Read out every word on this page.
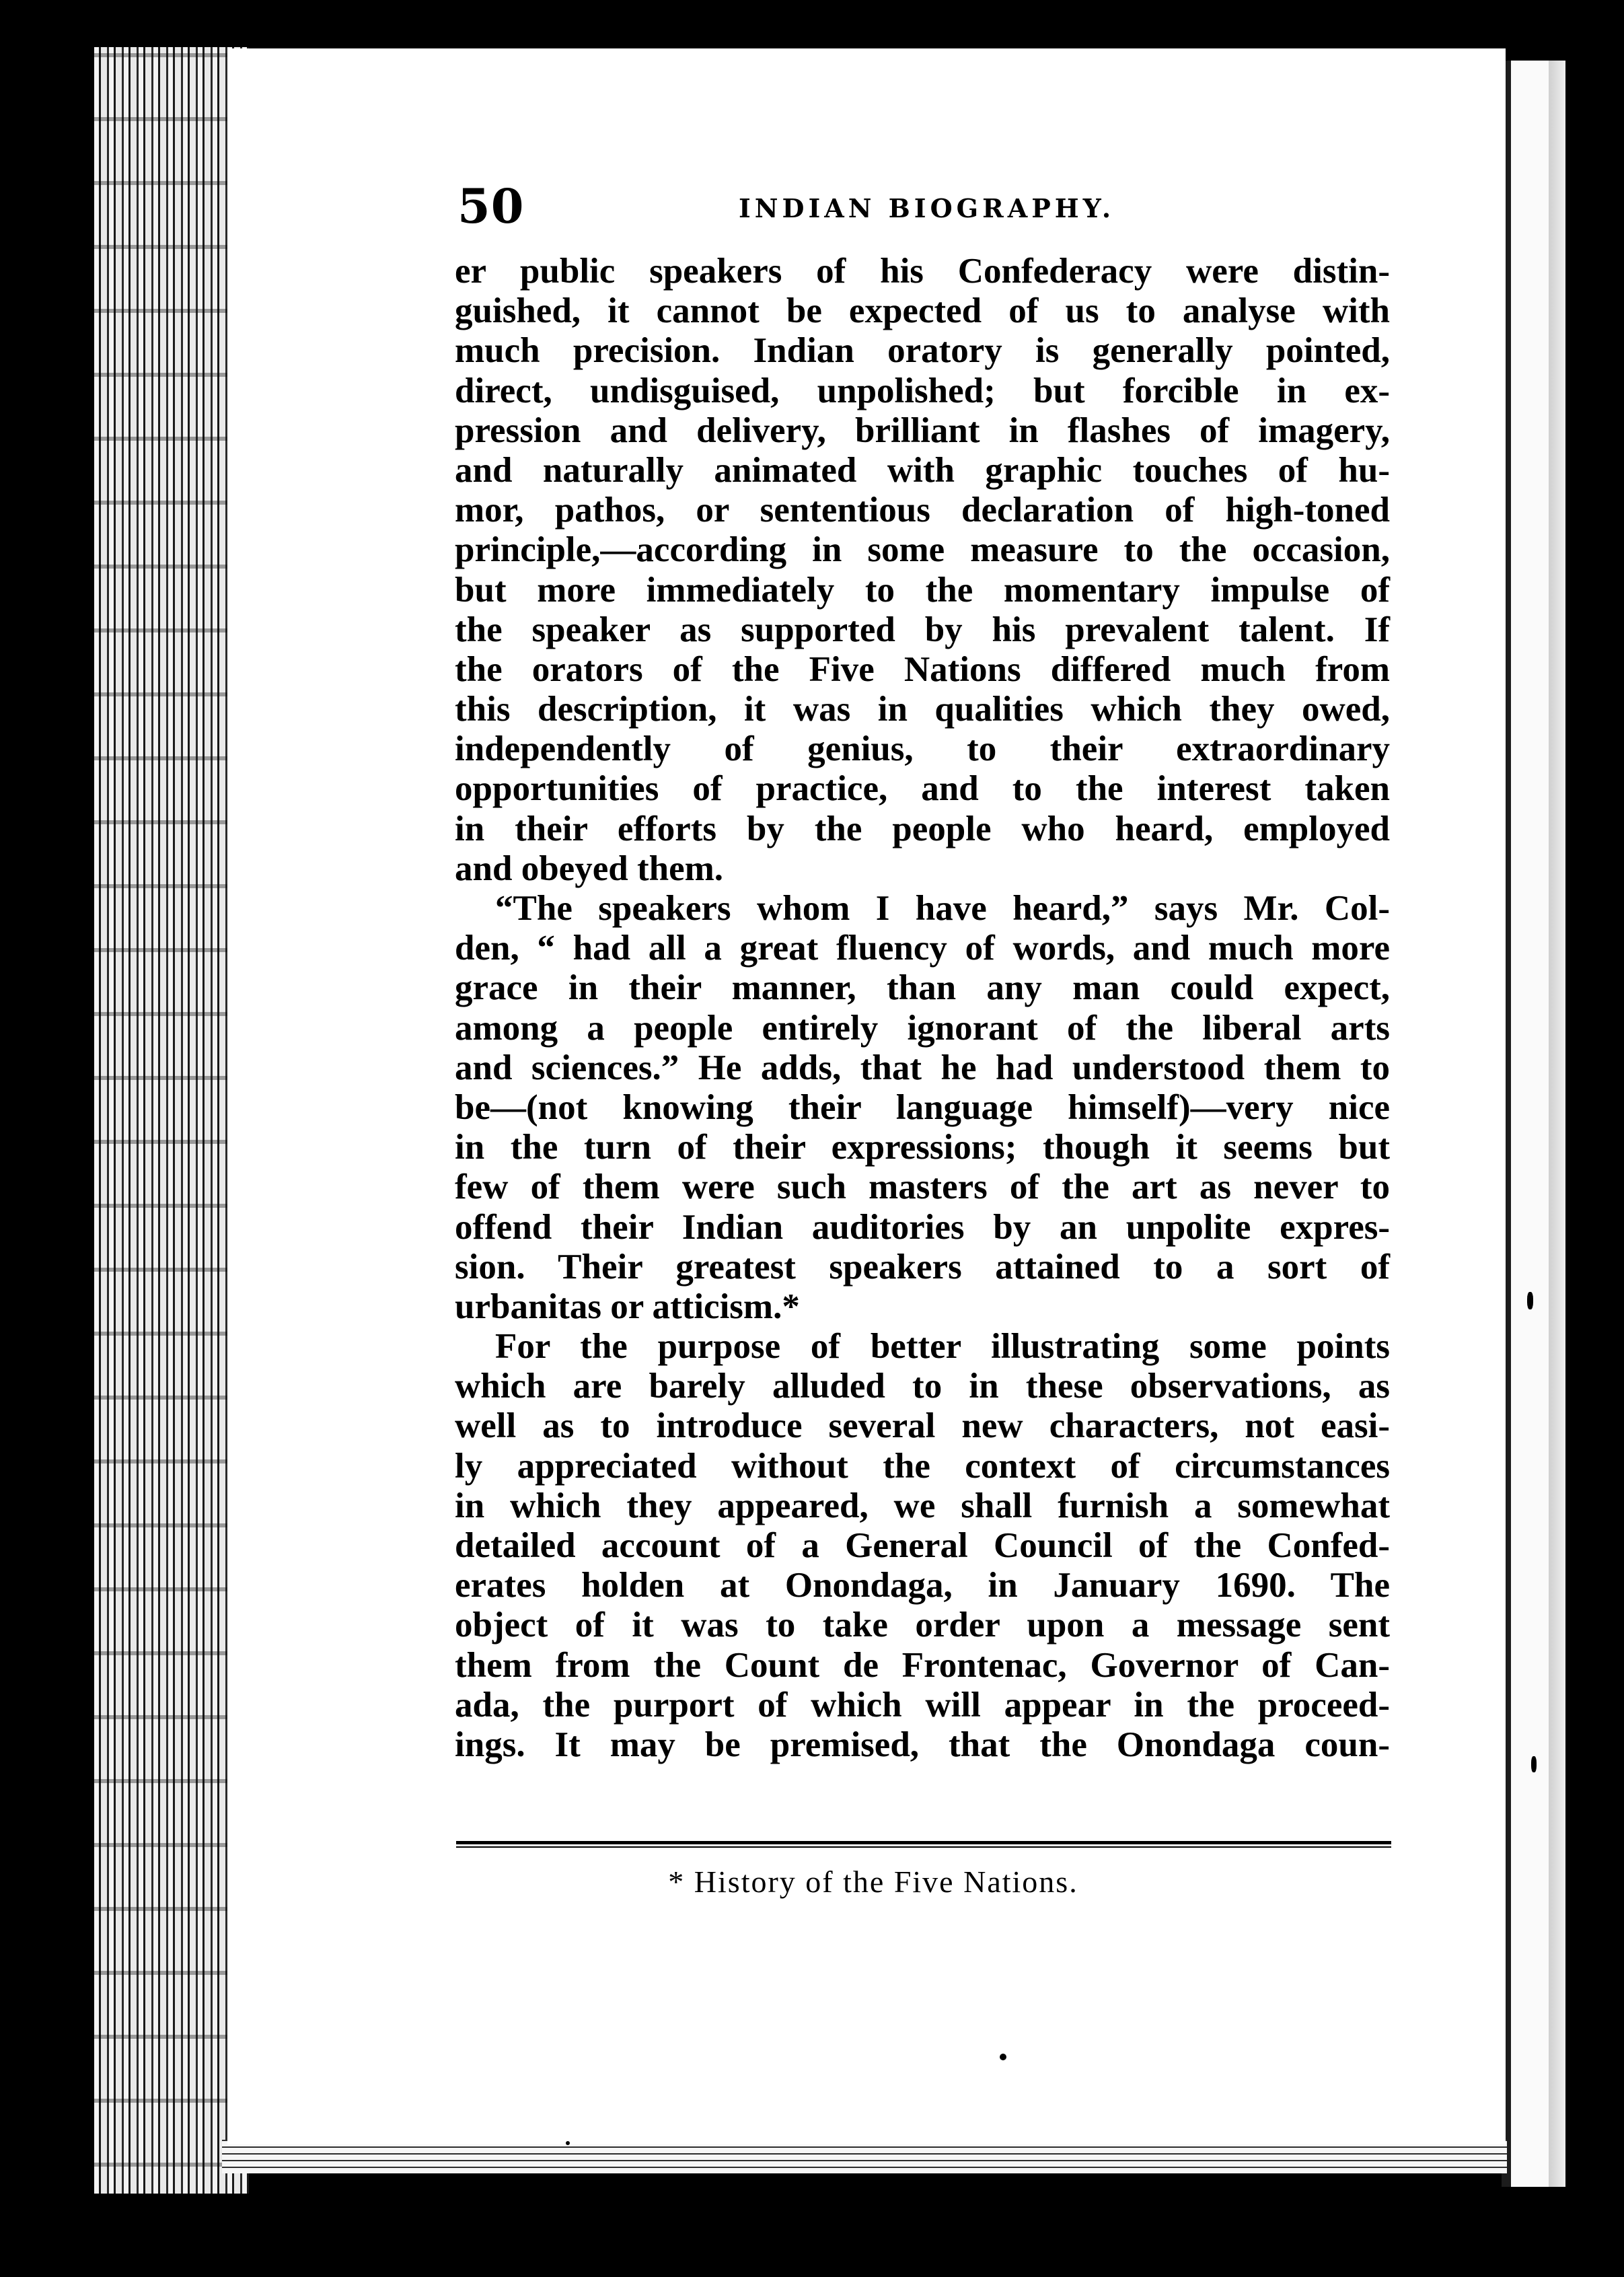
50	INDIAN BIOGRAPHY.
er public speakers of his Confederacy were distin-
guished, it cannot be expected of us to analyse with
much precision. Indian oratory is generally pointed,
direct, undisguised, unpolished; but forcible in ex-
pression and delivery, brilliant in flashes of imagery,
and naturally animated with graphic touches of hu-
mor, pathos, or sententious declaration of high-toned
principle,—according in some measure to the occasion,
but more immediately to the momentary impulse of
the speaker as supported by his prevalent talent. If
the orators of the Five Nations differed much from
this description, it was in qualities which they owed,
independently of genius, to their extraordinary
opportunities of practice, and to the interest taken
in their efforts by the people who heard, employed
and obeyed them.
“The speakers whom I have heard,” says Mr. Col-
den, “ had all a great fluency of words, and much more
grace in their manner, than any man could expect,
among a people entirely ignorant of the liberal arts
and sciences.” He adds, that he had understood them to
be—(not knowing their language himself)—very nice
in the turn of their expressions; though it seems but
few of them were such masters of the art as never to
offend their Indian auditories by an unpolite expres-
sion. Their greatest speakers attained to a sort of
urbanitas or atticism.*
For the purpose of better illustrating some points
which are barely alluded to in these observations, as
well as to introduce several new characters, not easi-
ly appreciated without the context of circumstances
in which they appeared, we shall furnish a somewhat
detailed account of a General Council of the Confed-
erates holden at Onondaga, in January 1690. The
object of it was to take order upon a message sent
them from the Count de Frontenac, Governor of Can-
ada, the purport of which will appear in the proceed-
ings. It may be premised, that the Onondaga coun-
* History of the Five Nations.
